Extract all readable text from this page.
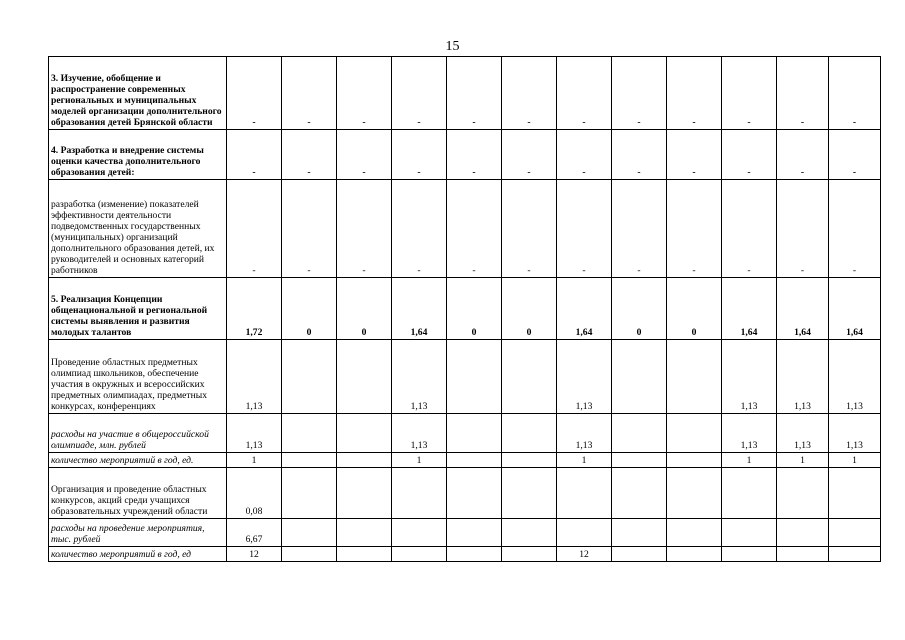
15
3. Изучение, обобщение и распространение современных региональных и муниципальных моделей организации дополнительного образования детей Брянской области	-	-	-	-	-	-	-	-	-	-	-	-
4. Разработка и внедрение системы оценки качества дополнительного образования детей:	-	-	-	-	-	-	-	-	-	-	-	-
разработка (изменение) показателей эффективности деятельности подведомственных государственных (муниципальных) организаций дополнительного образования детей, их руководителей и основных категорий работников	-	-	-	-	-	-	-	-	-	-	-	-
5. Реализация Концепции общенациональной и региональной системы выявления и развития молодых талантов	1,72	0	0	1,64	0	0	1,64	0	0	1,64	1,64	1,64
Проведение областных предметных олимпиад школьников, обеспечение участия в окружных и всероссийских предметных олимпиадах, предметных конкурсах, конференциях	1,13			1,13			1,13			1,13	1,13	1,13
расходы на участие в общероссийской олимпиаде, млн. рублей	1,13			1,13			1,13			1,13	1,13	1,13
количество мероприятий в год, ед.	1			1			1			1	1	1
Организация и проведение областных конкурсов, акций среди учащихся образовательных учреждений области	0,08											
расходы на проведение мероприятия, тыс. рублей	6,67											
количество мероприятий в год, ед	12						12					
